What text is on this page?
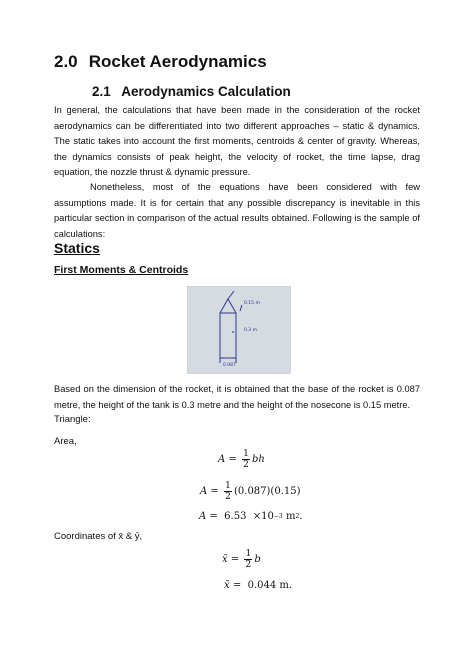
2.0 Rocket Aerodynamics
2.1 Aerodynamics Calculation

In general, the calculations that have been made in the consideration of the rocket aerodynamics can be differentiated into two different approaches – static & dynamics. The static takes into account the first moments, centroids & center of gravity. Whereas, the dynamics consists of peak height, the velocity of rocket, the time lapse, drag equation, the nozzle thrust & dynamic pressure.

Nonetheless, most of the equations have been considered with few assumptions made. It is for certain that any possible discrepancy is inevitable in this particular section in comparison of the actual results obtained. Following is the sample of calculations:

Statics
First Moments & Centroids
0.15 m
0.3 m
0.087

Based on the dimension of the rocket, it is obtained that the base of the rocket is 0.087 metre, the height of the tank is 0.3 metre and the height of the nosecone is 0.15 metre.

Triangle:
Area,
A
=
$\frac{1}{2}$ bh
A
=
$\frac{1}{2} (0.087)(0.15)$
A
=
6.53
×10 −3
m 2 .
Coordinates of x̄ & ȳ,
x̄
=
$\frac{1}{2}$ b
x̄
=
0.044 m.
